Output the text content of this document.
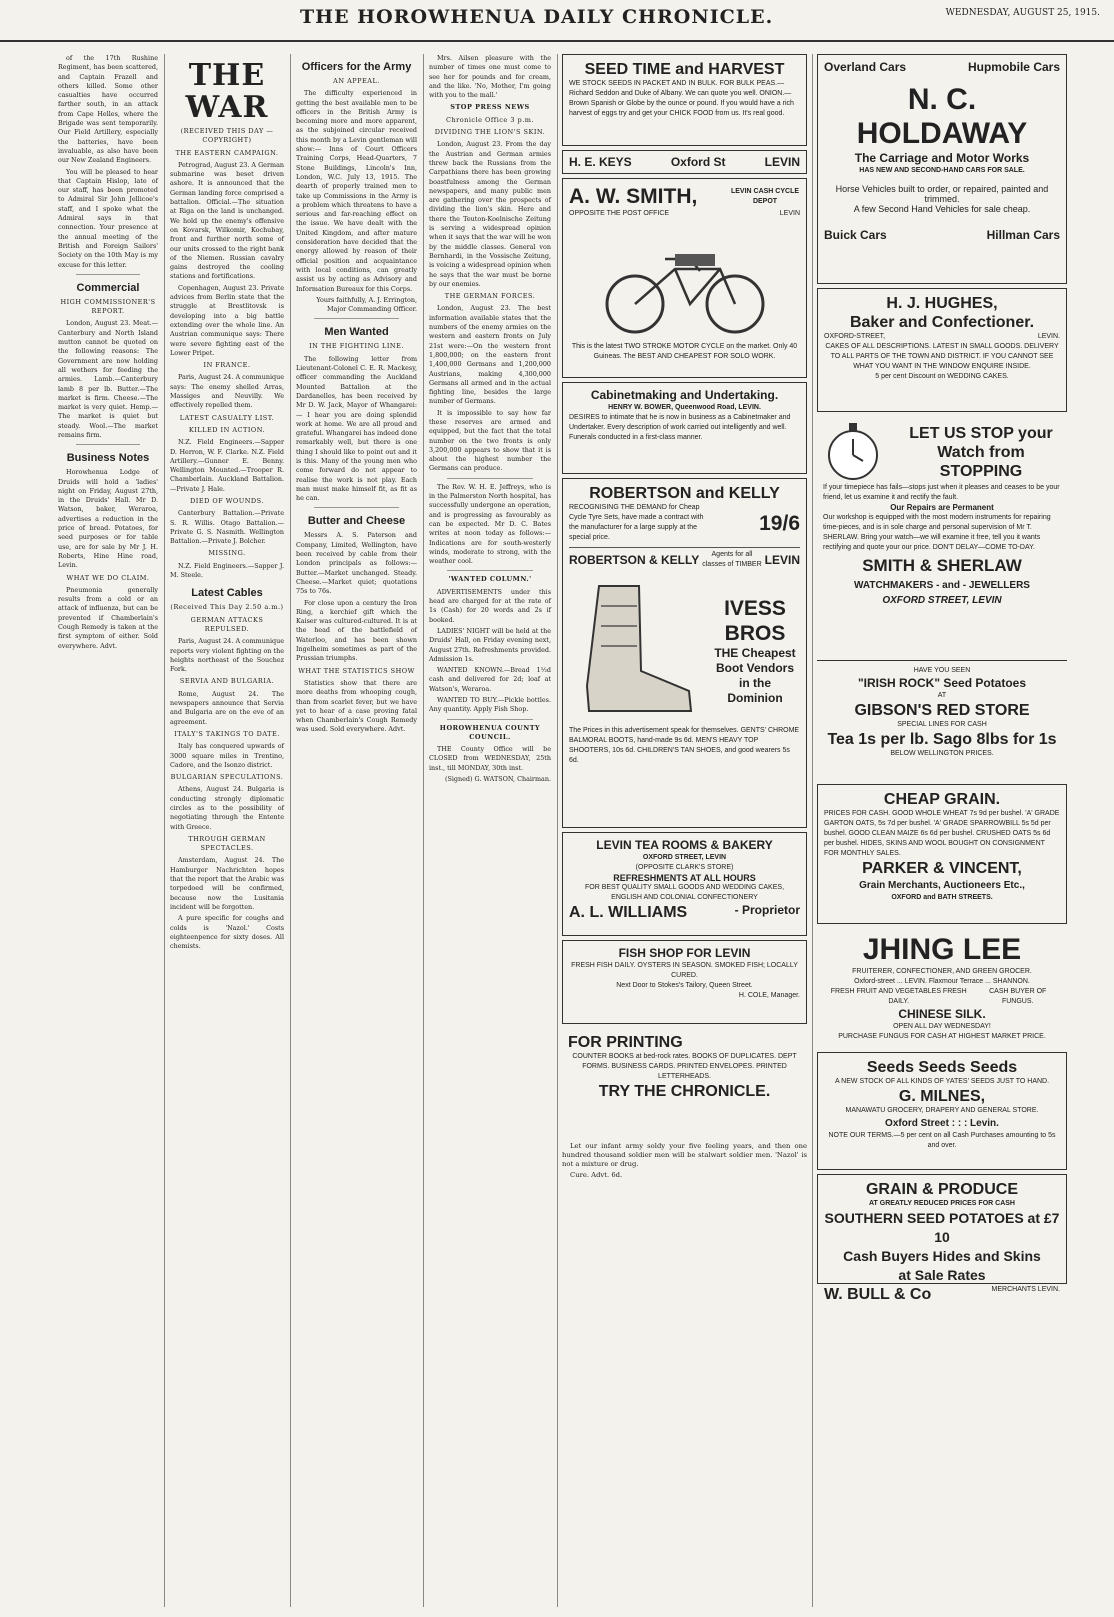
THE HOROWHENUA DAILY CHRONICLE.	WEDNESDAY, AUGUST 25, 1915.

of the 17th Rushine Regiment, has been scattered, and Captain Frazell and others killed. Some other casualties have occurred farther south, in an attack from Cape Helles, where the Brigade was sent temporarily. Our Field Artillery, especially the batteries, have been invaluable, as also have been our New Zealand Engineers.

You will be pleased to hear that Captain Hislop, late of our staff, has been promoted to Admiral Sir John Jellicoe's staff, and I spoke what the Admiral says in that connection. Your presence at the annual meeting of the British and Foreign Sailors' Society on the 10th May is my excuse for this letter.

Commercial
HIGH COMMISSIONER'S REPORT.

London, August 23. Meat.—Canterbury and North Island mutton cannot be quoted on the following reasons: The Government are now holding all wethers for feeding the armies. Lamb.—Canterbury lamb 8 per lb. Butter.—The market is firm. Cheese.—The market is very quiet. Hemp.—The market is quiet but steady. Wool.—The market remains firm.

Business Notes

Horowhenua Lodge of Druids will hold a 'ladies' night on Friday, August 27th, in the Druids' Hall. Mr D. Watson, baker, Weraroa, advertises a reduction in the price of bread. Potatoes, for seed purposes or for table use, are for sale by Mr J. H. Roberts, Hine Hine road, Levin.

WHAT WE DO CLAIM.

Pneumonia generally results from a cold or an attack of influenza, but can be prevented if Chamberlain's Cough Remedy is taken at the first symptom of either. Sold everywhere. Advt.

THE WAR
(RECEIVED THIS DAY — COPYRIGHT)
THE EASTERN CAMPAIGN.

Petrograd, August 23. A German submarine was beset driven ashore. It is announced that the German landing force comprised a battalion. Official.—The situation at Riga on the land is unchanged. We hold up the enemy's offensive on Kovarsk, Wilkomir, Kochubay, front and further north some of our units crossed to the right bank of the Niemen. Russian cavalry gains destroyed the cooling stations and fortifications.

Copenhagen, August 23. Private advices from Berlin state that the struggle at Brestlitovsk is developing into a big battle extending over the whole line. An Austrian communique says: There were severe fighting east of the Lower Pripet.

IN FRANCE.

Paris, August 24. A communique says: The enemy shelled Arras, Massiges and Neuvilly. We effectively repelled them.

LATEST CASUALTY LIST.
KILLED IN ACTION.

N.Z. Field Engineers.—Sapper D. Herron, W. F. Clarke. N.Z. Field Artillery.—Gunner E. Benny. Wellington Mounted.—Trooper R. Chamberlain. Auckland Battalion.—Private J. Hale.

DIED OF WOUNDS.

Canterbury Battalion.—Private S. R. Willis. Otago Battalion.—Private G. S. Nasmith. Wellington Battalion.—Private J. Bolcher.

MISSING.

N.Z. Field Engineers.—Sapper J. M. Steele.

Latest Cables
(Received This Day 2.50 a.m.)
GERMAN ATTACKS REPULSED.

Paris, August 24. A communique reports very violent fighting on the heights northeast of the Souchez Fork.

SERVIA AND BULGARIA.

Rome, August 24. The newspapers announce that Servia and Bulgaria are on the eve of an agreement.

ITALY'S TAKINGS TO DATE.

Italy has conquered upwards of 3000 square miles in Trentino, Cadore, and the Isonzo district.

BULGARIAN SPECULATIONS.

Athens, August 24. Bulgaria is conducting strongly diplomatic circles as to the possibility of negotiating through the Entente with Greece.

THROUGH GERMAN SPECTACLES.

Amsterdam, August 24. The Hamburger Nachrichten hopes that the report that the Arabic was torpedoed will be confirmed, because now the Lusitania incident will be forgotten.

A pure specific for coughs and colds is 'Nazol.' Costs eighteenpence for sixty doses. All chemists.

Officers for the Army
AN APPEAL.

The difficulty experienced in getting the best available men to be officers in the British Army is becoming more and more apparent, as the subjoined circular received this month by a Levin gentleman will show:— Inns of Court Officers Training Corps, Head-Quarters, 7 Stone Buildings, Lincoln's Inn, London, W.C. July 13, 1915. The dearth of properly trained men to take up Commissions in the Army is a problem which threatens to have a serious and far-reaching effect on the issue. We have dealt with the United Kingdom, and after mature consideration have decided that the energy allowed by reason of their official position and acquaintance with local conditions, can greatly assist us by acting as Advisory and Information Bureaux for this Corps.

Yours faithfully, A. J. Errington, Major Commanding Officer.

Men Wanted
IN THE FIGHTING LINE.

The following letter from Lieutenant-Colonel C. E. R. Mackesy, officer commanding the Auckland Mounted Battalion at the Dardanelles, has been received by Mr D. W. Jack, Mayor of Whangarei:— I hear you are doing splendid work at home. We are all proud and grateful. Whangarei has indeed done remarkably well, but there is one thing I should like to point out and it is this. Many of the young men who come forward do not appear to realise the work is not play. Each man must make himself fit, as fit as he can.

Butter and Cheese

Messrs A. S. Paterson and Company, Limited, Wellington, have been received by cable from their London principals as follows:— Butter.—Market unchanged. Steady. Cheese.—Market quiet; quotations 75s to 76s.

For close upon a century the Iron Ring, a kerchief gift which the Kaiser was cultured-cultured. It is at the head of the battlefield of Waterloo, and has been shown Ingelheim sometimes as part of the Prussian triumphs.

WHAT THE STATISTICS SHOW

Statistics show that there are more deaths from whooping cough, than from scarlet fever, but we have yet to hear of a case proving fatal when Chamberlain's Cough Remedy was used. Sold everywhere. Advt.

Mrs. Ailsen pleasure with the number of times one must come to see her for pounds and for cream, and the like. 'No, Mother, I'm going with you to the mall.'

STOP PRESS NEWS
Chronicle Office 3 p.m.
DIVIDING THE LION'S SKIN.

London, August 23. From the day the Austrian and German armies threw back the Russians from the Carpathians there has been growing boastfulness among the German newspapers, and many public men are gathering over the prospects of dividing the lion's skin. Here and there the Teuton-Koelnische Zeitung is serving a widespread opinion when it says that the war will be won by the middle classes. General von Bernhardi, in the Vossische Zeitung, is voicing a widespread opinion when he says that the war must be borne by our enemies.

THE GERMAN FORCES.

London, August 23. The best information available states that the numbers of the enemy armies on the western and eastern fronts on July 21st were:—On the western front 1,800,000; on the eastern front 1,400,000 Germans and 1,200,000 Austrians, making 4,300,000 Germans all armed and in the actual fighting line, besides the large number of Germans.

It is impossible to say how far these reserves are armed and equipped, but the fact that the total number on the two fronts is only 3,200,000 appears to show that it is about the highest number the Germans can produce.

The Rev. W. H. E. Jeffreys, who is in the Palmerston North hospital, has successfully undergone an operation, and is progressing as favourably as can be expected. Mr D. C. Bates writes at noon today as follows:— Indications are for south-westerly winds, moderate to strong, with the weather cool.

'WANTED COLUMN.'

ADVERTISEMENTS under this head are charged for at the rate of 1s (Cash) for 20 words and 2s if booked.

LADIES' NIGHT will be held at the Druids' Hall, on Friday evening next, August 27th. Refreshments provided. Admission 1s.

WANTED KNOWN.—Bread 1½d cash and delivered for 2d; loaf at Watson's, Weraroa.

WANTED TO BUY.—Pickle bottles. Any quantity. Apply Fish Shop.

HOROWHENUA COUNTY COUNCIL.

THE County Office will be CLOSED from WEDNESDAY, 25th inst., till MONDAY, 30th inst.

(Signed) G. WATSON, Chairman.

SEED TIME and HARVEST
WE STOCK SEEDS IN PACKET AND IN BULK. FOR BULK PEAS.—Richard Seddon and Duke of Albany. We can quote you well. ONION.—Brown Spanish or Globe by the ounce or pound. If you would have a rich harvest of eggs try and get your CHICK FOOD from us. It's real good.
H. E. KEYS	Oxford St	LEVIN
A. W. SMITH,	LEVIN CASH CYCLE DEPOT
OPPOSITE THE POST OFFICE	LEVIN
This is the latest TWO STROKE MOTOR CYCLE on the market. Only 40 Guineas. The BEST AND CHEAPEST FOR SOLO WORK.
Cabinetmaking and Undertaking.
HENRY W. BOWER, Queenwood Road, LEVIN.
DESIRES to intimate that he is now in business as a Cabinetmaker and Undertaker. Every description of work carried out intelligently and well. Funerals conducted in a first-class manner.
ROBERTSON and KELLY
RECOGNISING THE DEMAND for Cheap Cycle Tyre Sets, have made a contract with the manufacturer for a large supply at the special price.
19/6
ROBERTSON & KELLY	Agents for all classes of TIMBER LEVIN
IVESS BROS
THE Cheapest Boot Vendors in the Dominion
The Prices in this advertisement speak for themselves. GENTS' CHROME BALMORAL BOOTS, hand-made 9s 6d. MEN'S HEAVY TOP SHOOTERS, 10s 6d. CHILDREN'S TAN SHOES, and good wearers 5s 6d.
LEVIN TEA ROOMS & BAKERY
OXFORD STREET, LEVIN
(OPPOSITE CLARK'S STORE)
REFRESHMENTS AT ALL HOURS
FOR BEST QUALITY SMALL GOODS AND WEDDING CAKES, ENGLISH AND COLONIAL CONFECTIONERY
A. L. WILLIAMS	- Proprietor
FISH SHOP FOR LEVIN
FRESH FISH DAILY. OYSTERS IN SEASON. SMOKED FISH; LOCALLY CURED.
Next Door to Stokes's Tailory, Queen Street.
H. COLE, Manager.
FOR PRINTING
COUNTER BOOKS at bed-rock rates. BOOKS OF DUPLICATES. DEPT FORMS. BUSINESS CARDS. PRINTED ENVELOPES. PRINTED LETTERHEADS.
TRY THE CHRONICLE.

Let our infant army soldy your five feeling years, and then one hundred thousand soldier men will be stalwart soldier men. 'Nazol' is not a mixture or drug.

Cure. Advt. 6d.

Overland Cars	Hupmobile Cars
N. C. HOLDAWAY
The Carriage and Motor Works
HAS NEW AND SECOND-HAND CARS FOR SALE.
Horse Vehicles built to order, or repaired, painted and trimmed.
A few Second Hand Vehicles for sale cheap.
Buick Cars	Hillman Cars
H. J. HUGHES,
Baker and Confectioner.
OXFORD-STREET,	LEVIN.
CAKES OF ALL DESCRIPTIONS. LATEST IN SMALL GOODS. DELIVERY TO ALL PARTS OF THE TOWN AND DISTRICT. IF YOU CANNOT SEE WHAT YOU WANT IN THE WINDOW ENQUIRE INSIDE.
5 per cent Discount on WEDDING CAKES.
LET US STOP your Watch from STOPPING
If your timepiece has fails—stops just when it pleases and ceases to be your friend, let us examine it and rectify the fault.
Our Repairs are Permanent
Our workshop is equipped with the most modern instruments for repairing time-pieces, and is in sole charge and personal supervision of Mr T. SHERLAW. Bring your watch—we will examine it free, tell you it wants rectifying and quote your our price. DON'T DELAY—COME TO-DAY.
SMITH & SHERLAW
WATCHMAKERS - and - JEWELLERS
OXFORD STREET, LEVIN
HAVE YOU SEEN
"IRISH ROCK" Seed Potatoes
AT
GIBSON'S RED STORE
SPECIAL LINES FOR CASH
Tea 1s per lb. Sago 8lbs for 1s
BELOW WELLINGTON PRICES.
CHEAP GRAIN.
PRICES FOR CASH. GOOD WHOLE WHEAT 7s 9d per bushel. 'A' GRADE GARTON OATS, 5s 7d per bushel. 'A' GRADE SPARROWBILL 5s 5d per bushel. GOOD CLEAN MAIZE 6s 6d per bushel. CRUSHED OATS 5s 6d per bushel. HIDES, SKINS AND WOOL BOUGHT ON CONSIGNMENT FOR MONTHLY SALES.
PARKER & VINCENT,
Grain Merchants, Auctioneers Etc.,
OXFORD and BATH STREETS.
JHING LEE
FRUITERER, CONFECTIONER, AND GREEN GROCER.
Oxford-street ... LEVIN. Flaxmour Terrace ... SHANNON.
FRESH FRUIT AND VEGETABLES FRESH DAILY.
CASH BUYER OF FUNGUS.
CHINESE SILK.
OPEN ALL DAY WEDNESDAY!
PURCHASE FUNGUS FOR CASH AT HIGHEST MARKET PRICE.
Seeds Seeds Seeds
A NEW STOCK OF ALL KINDS OF YATES' SEEDS JUST TO HAND.
G. MILNES,
MANAWATU GROCERY, DRAPERY AND GENERAL STORE.
Oxford Street : : : Levin.
NOTE OUR TERMS.—5 per cent on all Cash Purchases amounting to 5s and over.
GRAIN & PRODUCE
AT GREATLY REDUCED PRICES FOR CASH
SOUTHERN SEED POTATOES at £7 10
Cash Buyers Hides and Skins
at Sale Rates
W. BULL & Co	MERCHANTS LEVIN.
